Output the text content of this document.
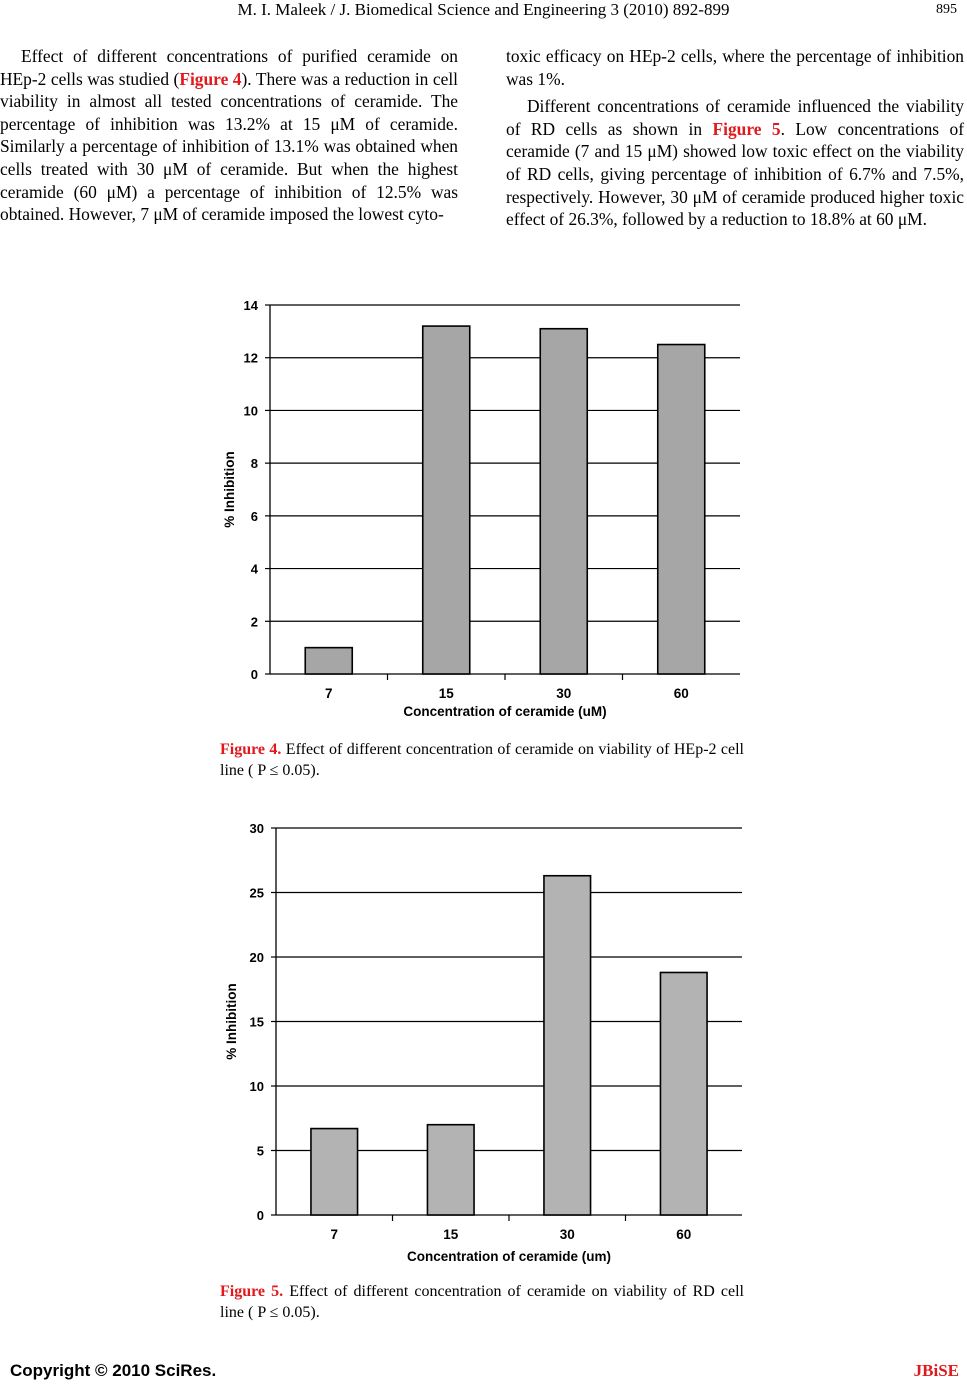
M. I. Maleek / J. Biomedical Science and Engineering 3 (2010) 892-899	895

Effect of different concentrations of purified ceramide on HEp-2 cells was studied (Figure 4). There was a reduction in cell viability in almost all tested concentrations of ceramide. The percentage of inhibition was 13.2% at 15 μM of ceramide. Similarly a percentage of inhibition of 13.1% was obtained when cells treated with 30 μM of ceramide. But when the highest ceramide (60 μM) a percentage of inhibition of 12.5% was obtained. However, 7 μM of ceramide imposed the lowest cyto-

toxic efficacy on HEp-2 cells, where the percentage of inhibition was 1%.

Different concentrations of ceramide influenced the viability of RD cells as shown in Figure 5. Low concentrations of ceramide (7 and 15 μM) showed low toxic effect on the viability of RD cells, giving percentage of inhibition of 6.7% and 7.5%, respectively. However, 30 μM of ceramide produced higher toxic effect of 26.3%, followed by a reduction to 18.8% at 60 μM.

0
2
4
6
8
10
12
14
7	15	30	60
Concentration of ceramide (uM)
% Inhibition
Figure 4. Effect of different concentration of ceramide on viability of HEp-2 cell line ( P ≤ 0.05).
0
5
10
15
20
25
30
7	15	30	60
Concentration of ceramide (um)
% Inhibition
Figure 5. Effect of different concentration of ceramide on viability of RD cell line ( P ≤ 0.05).
Copyright © 2010 SciRes.	JBiSE
